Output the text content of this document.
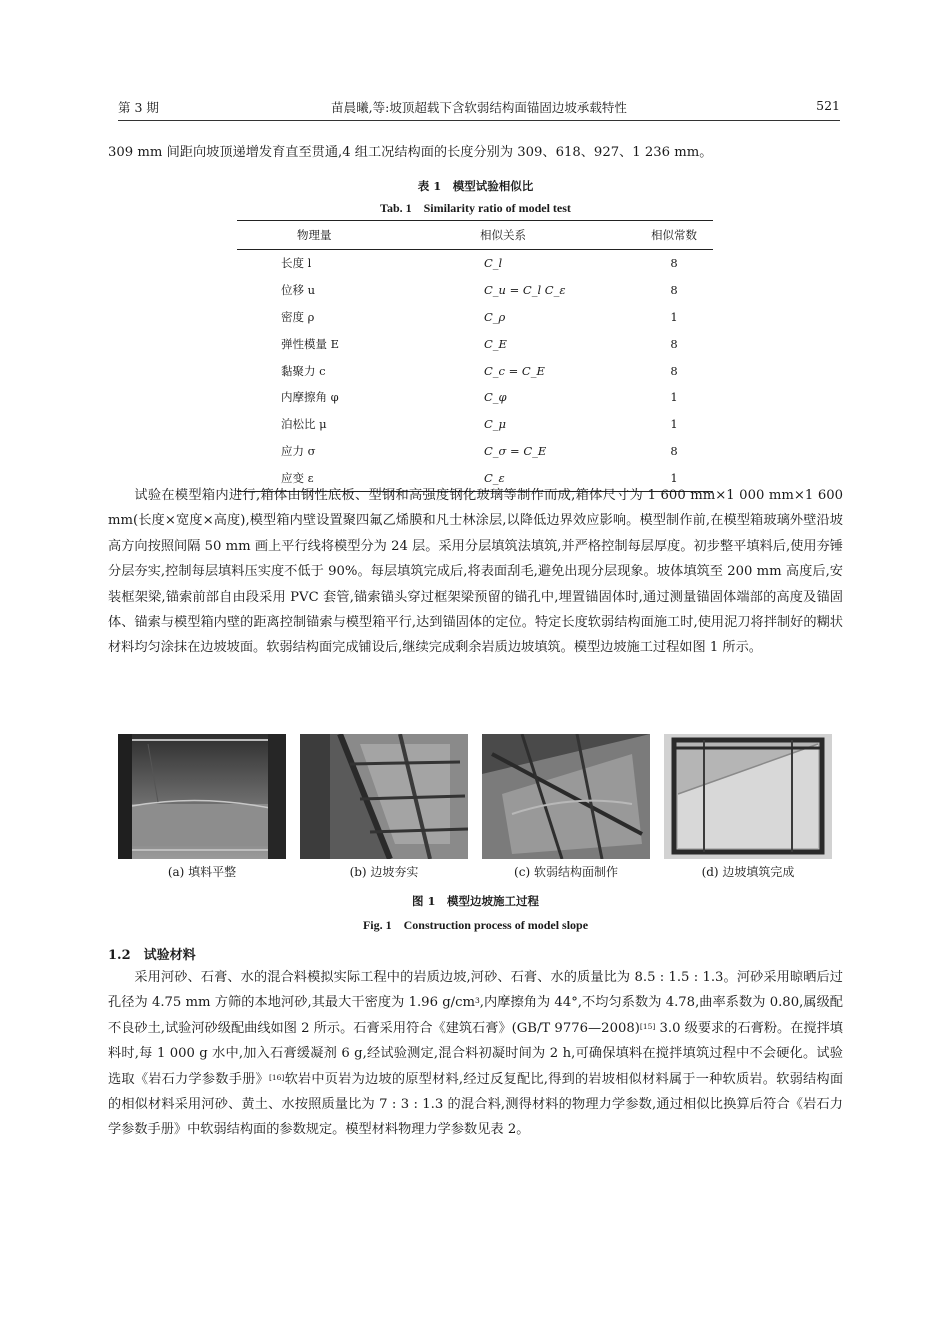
第 3 期	苗晨曦,等:坡顶超载下含软弱结构面锚固边坡承载特性	521

309 mm 间距向坡顶递增发育直至贯通,4 组工况结构面的长度分别为 309、618、927、1 236 mm。

表 1　模型试验相似比
Tab. 1　Similarity ratio of model test
物理量	相似关系	相似常数
长度 l	C_l	8
位移 u	C_u = C_l C_ε	8
密度 ρ	C_ρ	1
弹性模量 E	C_E	8
黏聚力 c	C_c = C_E	8
内摩擦角 φ	C_φ	1
泊松比 μ	C_μ	1
应力 σ	C_σ = C_E	8
应变 ε	C_ε	1

试验在模型箱内进行,箱体由钢性底板、型钢和高强度钢化玻璃等制作而成,箱体尺寸为 1 600 mm×1 000 mm×1 600 mm(长度×宽度×高度),模型箱内壁设置聚四氟乙烯膜和凡士林涂层,以降低边界效应影响。模型制作前,在模型箱玻璃外壁沿坡高方向按照间隔 50 mm 画上平行线将模型分为 24 层。采用分层填筑法填筑,并严格控制每层厚度。初步整平填料后,使用夯锤分层夯实,控制每层填料压实度不低于 90%。每层填筑完成后,将表面刮毛,避免出现分层现象。坡体填筑至 200 mm 高度后,安装框架梁,锚索前部自由段采用 PVC 套管,锚索锚头穿过框架梁预留的锚孔中,埋置锚固体时,通过测量锚固体端部的高度及锚固体、锚索与模型箱内壁的距离控制锚索与模型箱平行,达到锚固体的定位。特定长度软弱结构面施工时,使用泥刀将拌制好的糊状材料均匀涂抹在边坡坡面。软弱结构面完成铺设后,继续完成剩余岩质边坡填筑。模型边坡施工过程如图 1 所示。

(a) 填料平整	(b) 边坡夯实	(c) 软弱结构面制作	(d) 边坡填筑完成
图 1　模型边坡施工过程
Fig. 1　Construction process of model slope
1.2　试验材料

采用河砂、石膏、水的混合料模拟实际工程中的岩质边坡,河砂、石膏、水的质量比为 8.5 : 1.5 : 1.3。河砂采用晾晒后过孔径为 4.75 mm 方筛的本地河砂,其最大干密度为 1.96 $g/cm^3$,内摩擦角为 44°,不均匀系数为 4.78,曲率系数为 0.80,属级配不良砂土,试验河砂级配曲线如图 2 所示。石膏采用符合《建筑石膏》(GB/T 9776—2008)[15] 3.0 级要求的石膏粉。在搅拌填料时,每 1 000 g 水中,加入石膏缓凝剂 6 g,经试验测定,混合料初凝时间为 2 h,可确保填料在搅拌填筑过程中不会硬化。试验选取《岩石力学参数手册》[16]软岩中页岩为边坡的原型材料,经过反复配比,得到的岩坡相似材料属于一种软质岩。软弱结构面的相似材料采用河砂、黄土、水按照质量比为 7 : 3 : 1.3 的混合料,测得材料的物理力学参数,通过相似比换算后符合《岩石力学参数手册》中软弱结构面的参数规定。模型材料物理力学参数见表 2。
